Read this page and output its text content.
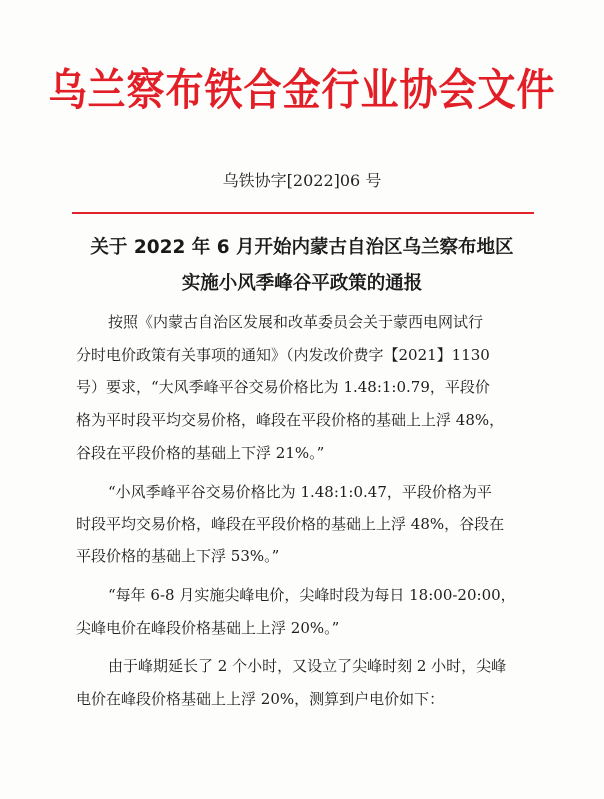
乌兰察布铁合金行业协会文件
乌铁协字[2022]06 号
关于 2022 年 6 月开始内蒙古自治区乌兰察布地区
实施小风季峰谷平政策的通报
按照《内蒙古自治区发展和改革委员会关于蒙西电网试行
分时电价政策有关事项的通知》（内发改价费字【2021】1130
号）要求，“大风季峰平谷交易价格比为 1.48:1:0.79，平段价
格为平时段平均交易价格，峰段在平段价格的基础上上浮 48%，
谷段在平段价格的基础上下浮 21%。”
“小风季峰平谷交易价格比为 1.48:1:0.47，平段价格为平
时段平均交易价格，峰段在平段价格的基础上上浮 48%，谷段在
平段价格的基础上下浮 53%。”
“每年 6-8 月实施尖峰电价，尖峰时段为每日 18:00-20:00，
尖峰电价在峰段价格基础上上浮 20%。”
由于峰期延长了 2 个小时，又设立了尖峰时刻 2 小时，尖峰
电价在峰段价格基础上上浮 20%，测算到户电价如下：
